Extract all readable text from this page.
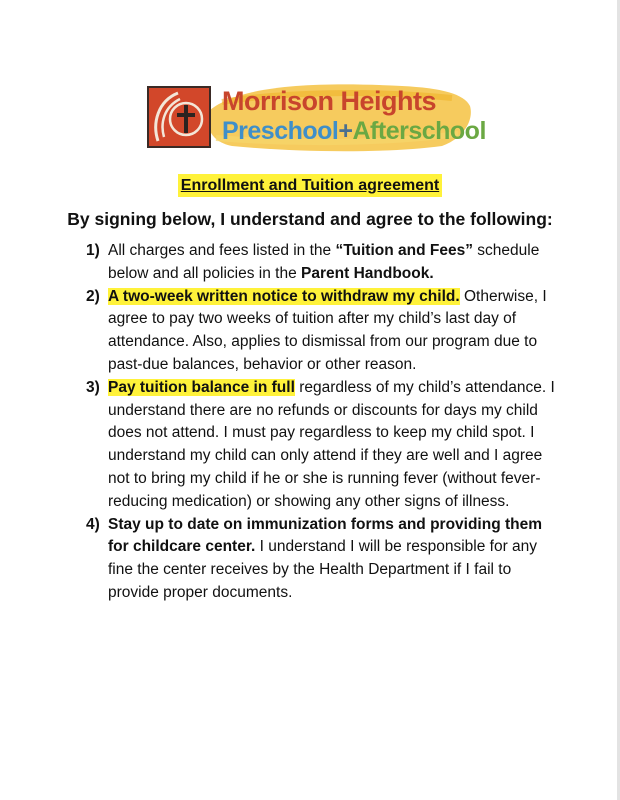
Morrison Heights
Preschool+Afterschool
Enrollment and Tuition agreement
By signing below, I understand and agree to the following:
1) All charges and fees listed in the “Tuition and Fees” schedule below and all policies in the Parent Handbook.
2) A two-week written notice to withdraw my child. Otherwise, I agree to pay two weeks of tuition after my child’s last day of attendance. Also, applies to dismissal from our program due to past-due balances, behavior or other reason.
3) Pay tuition balance in full regardless of my child’s attendance. I understand there are no refunds or discounts for days my child does not attend. I must pay regardless to keep my child spot. I understand my child can only attend if they are well and I agree not to bring my child if he or she is running fever (without fever-reducing medication) or showing any other signs of illness.
4) Stay up to date on immunization forms and providing them for childcare center. I understand I will be responsible for any fine the center receives by the Health Department if I fail to provide proper documents.
